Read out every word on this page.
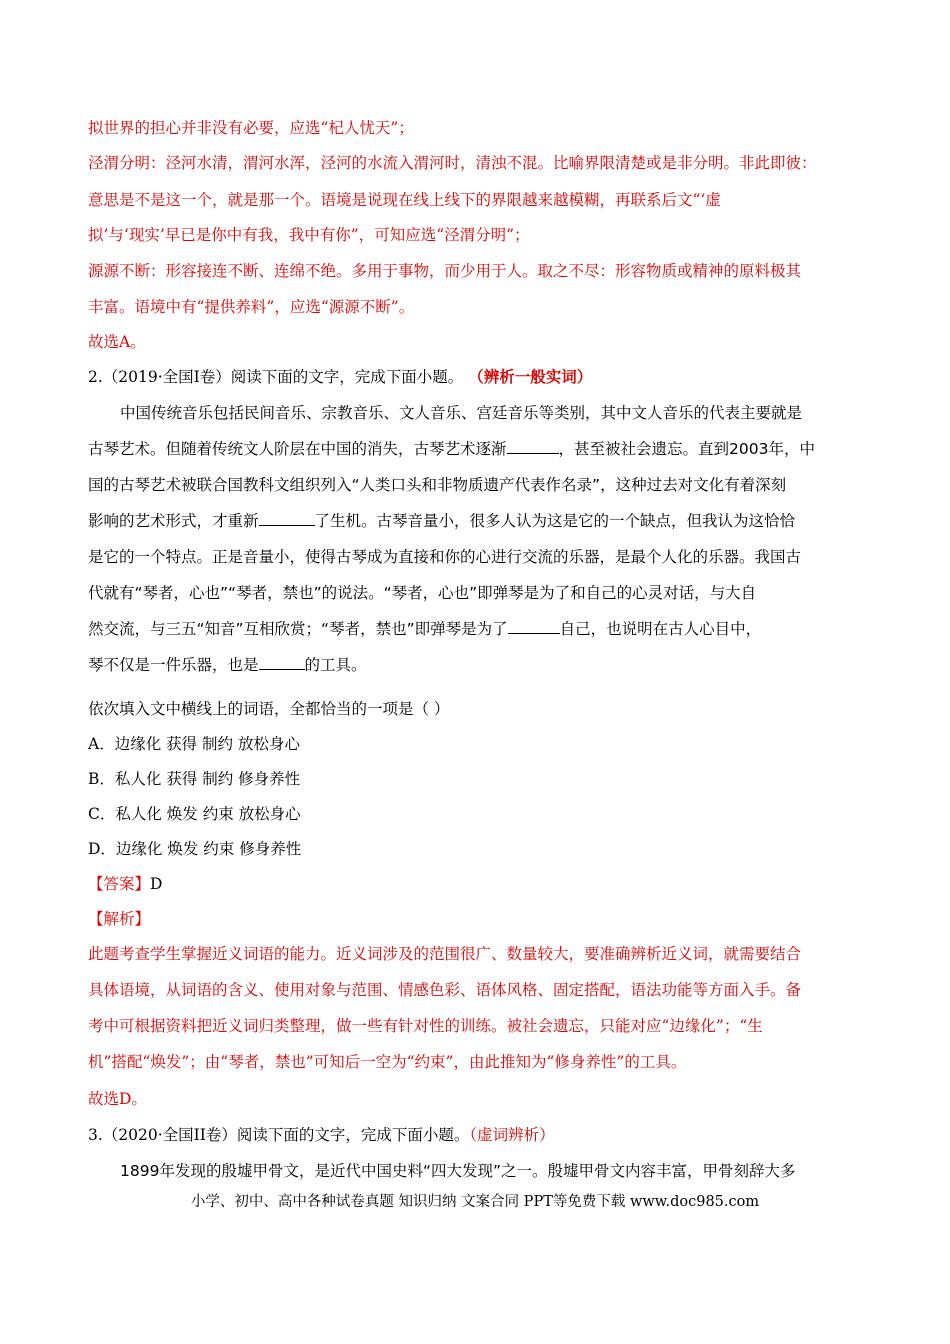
拟世界的担心并非没有必要，应选“杞人忧天”；
泾渭分明：泾河水清，渭河水浑，泾河的水流入渭河时，清浊不混。比喻界限清楚或是非分明。非此即彼：
意思是不是这一个，就是那一个。语境是说现在线上线下的界限越来越模糊，再联系后文“‘虚
拟’与‘现实’早已是你中有我，我中有你”，可知应选“泾渭分明”；
源源不断：形容接连不断、连绵不绝。多用于事物，而少用于人。取之不尽：形容物质或精神的原料极其
丰富。语境中有“提供养料”，应选“源源不断”。
故选A。
2.（2019·全国I卷）阅读下面的文字，完成下面小题。 （辨析一般实词）
中国传统音乐包括民间音乐、宗教音乐、文人音乐、宫廷音乐等类别，其中文人音乐的代表主要就是
古琴艺术。但随着传统文人阶层在中国的消失，古琴艺术逐渐	，甚至被社会遗忘。直到2003年，中
国的古琴艺术被联合国教科文组织列入“人类口头和非物质遗产代表作名录”，这种过去对文化有着深刻
影响的艺术形式，才重新	了生机。古琴音量小，很多人认为这是它的一个缺点，但我认为这恰恰
是它的一个特点。正是音量小，使得古琴成为直接和你的心进行交流的乐器，是最个人化的乐器。我国古
代就有“琴者，心也”“琴者，禁也”的说法。“琴者，心也”即弹琴是为了和自己的心灵对话，与大自
然交流，与三五“知音”互相欣赏；“琴者，禁也”即弹琴是为了	自己，也说明在古人心目中，
琴不仅是一件乐器，也是	的工具。
依次填入文中横线上的词语，全都恰当的一项是（ ）
A．边缘化 获得 制约 放松身心
B．私人化 获得 制约 修身养性
C．私人化 焕发 约束 放松身心
D．边缘化 焕发 约束 修身养性
【答案】D
【解析】
此题考查学生掌握近义词语的能力。近义词涉及的范围很广、数量较大，要准确辨析近义词，就需要结合
具体语境，从词语的含义、使用对象与范围、情感色彩、语体风格、固定搭配，语法功能等方面入手。备
考中可根据资料把近义词归类整理，做一些有针对性的训练。被社会遗忘，只能对应“边缘化”；“生
机”搭配“焕发”；由“琴者，禁也”可知后一空为“约束”，由此推知为“修身养性”的工具。
故选D。
3.（2020·全国II卷）阅读下面的文字，完成下面小题。（虚词辨析）
1899年发现的殷墟甲骨文，是近代中国史料“四大发现”之一。殷墟甲骨文内容丰富，甲骨刻辞大多
小学、初中、高中各种试卷真题 知识归纳 文案合同 PPT等免费下载 www.doc985.com
